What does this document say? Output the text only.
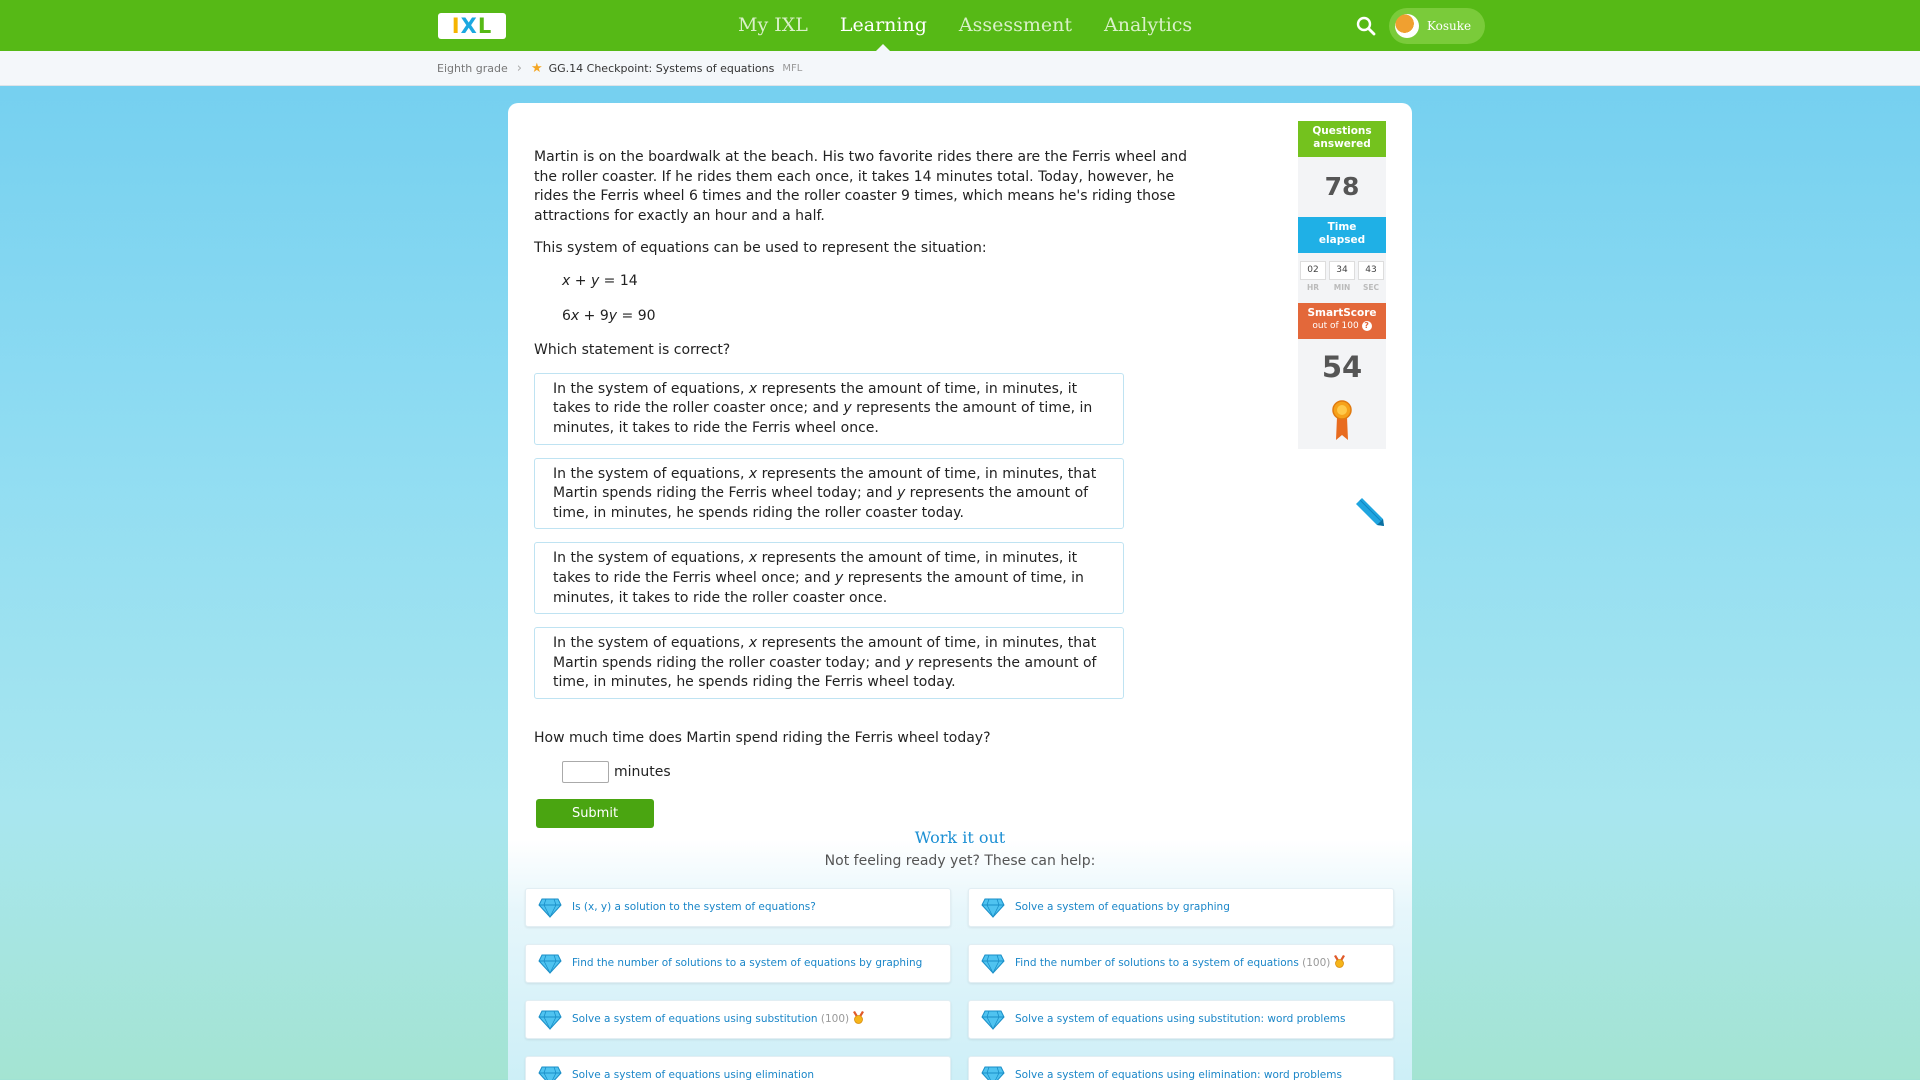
IXL	My IXL	Learning	Assessment	Analytics	Kosuke
Eighth grade › ★ GG.14 Checkpoint: Systems of equations MFL

Martin is on the boardwalk at the beach. His two favorite rides there are the Ferris wheel and the roller coaster. If he rides them each once, it takes 14 minutes total. Today, however, he rides the Ferris wheel 6 times and the roller coaster 9 times, which means he's riding those attractions for exactly an hour and a half.

This system of equations can be used to represent the situation:

x + y = 14

6x + 9y = 90

Which statement is correct?

In the system of equations, x represents the amount of time, in minutes, it takes to ride the roller coaster once; and y represents the amount of time, in minutes, it takes to ride the Ferris wheel once.
In the system of equations, x represents the amount of time, in minutes, that Martin spends riding the Ferris wheel today; and y represents the amount of time, in minutes, he spends riding the roller coaster today.
In the system of equations, x represents the amount of time, in minutes, it takes to ride the Ferris wheel once; and y represents the amount of time, in minutes, it takes to ride the roller coaster once.
In the system of equations, x represents the amount of time, in minutes, that Martin spends riding the roller coaster today; and y represents the amount of time, in minutes, he spends riding the Ferris wheel today.

How much time does Martin spend riding the Ferris wheel today?

minutes
Submit
Questions
answered
78
Time
elapsed
02
HR
34
MIN
43
SEC
SmartScore
out of 100 ?
54
Work it out
Not feeling ready yet? These can help:
Is (x, y) a solution to the system of equations?	Solve a system of equations by graphing
Find the number of solutions to a system of equations by graphing	Find the number of solutions to a system of equations (100)
Solve a system of equations using substitution (100)	Solve a system of equations using substitution: word problems
Solve a system of equations using elimination	Solve a system of equations using elimination: word problems
